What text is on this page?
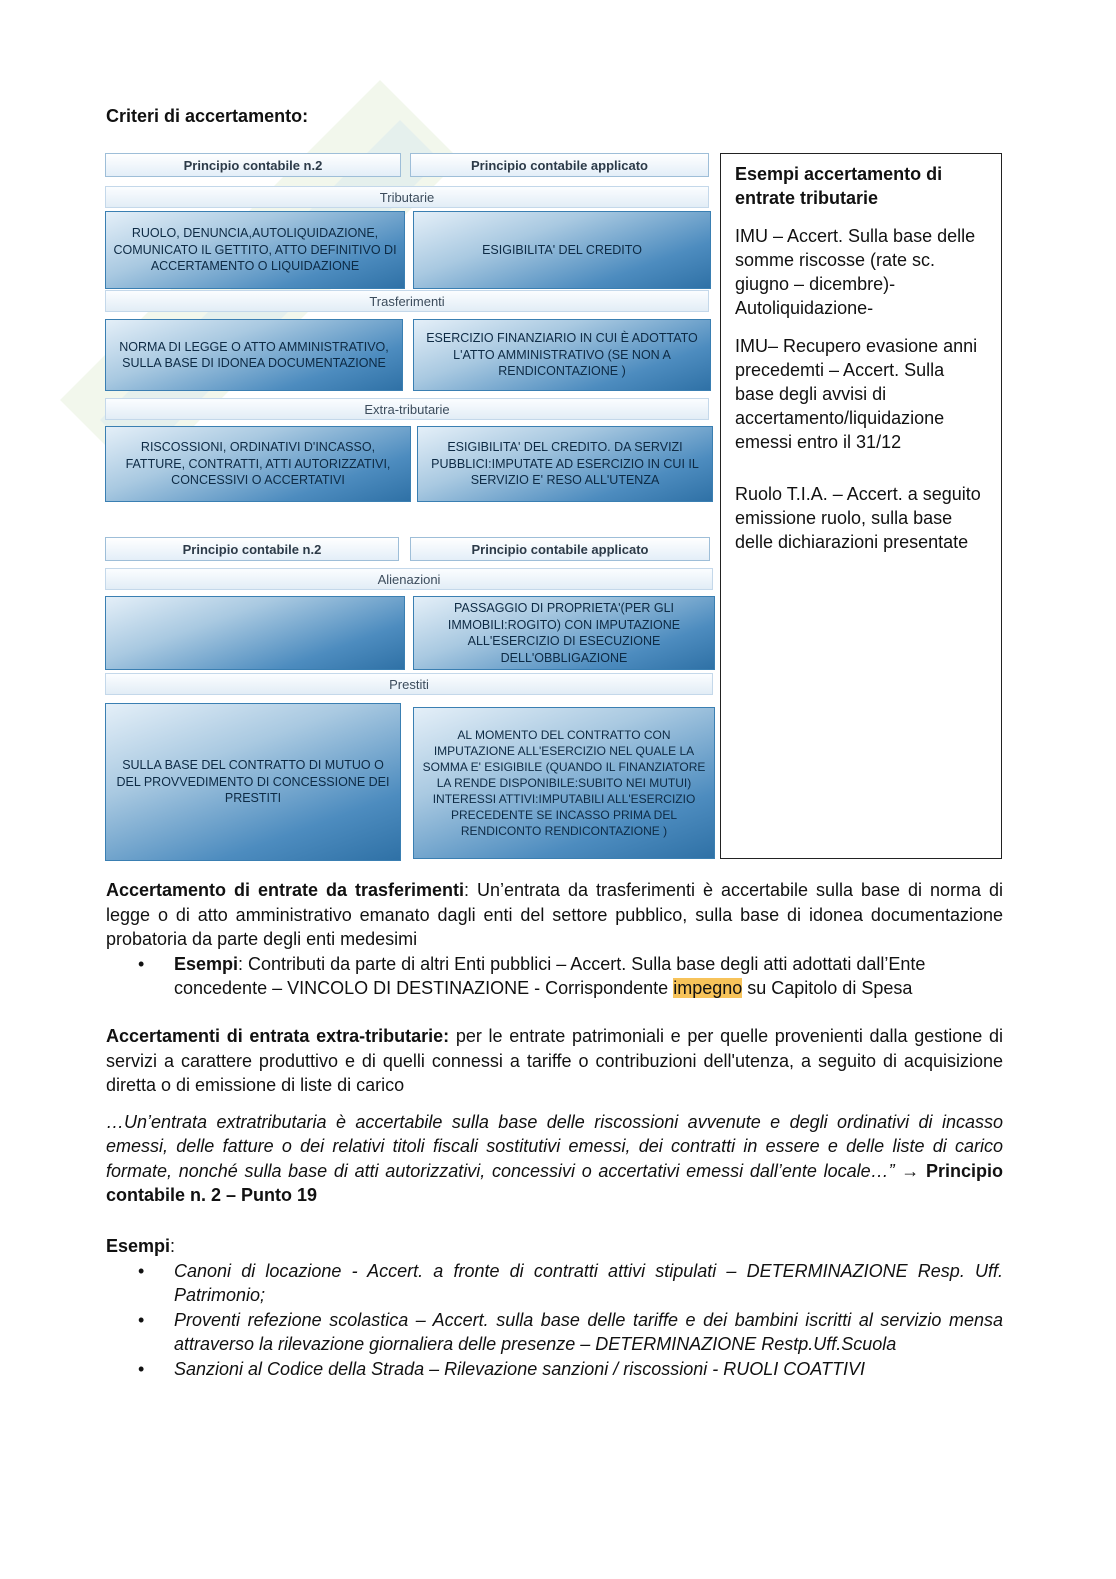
Criteri di accertamento:
Principio contabile n.2	Principio contabile applicato
Tributarie
RUOLO, DENUNCIA,AUTOLIQUIDAZIONE, COMUNICATO IL GETTITO, ATTO DEFINITIVO DI ACCERTAMENTO O LIQUIDAZIONE
ESIGIBILITA' DEL CREDITO
Trasferimenti
NORMA DI LEGGE O ATTO AMMINISTRATIVO, SULLA BASE DI IDONEA DOCUMENTAZIONE
ESERCIZIO FINANZIARIO IN CUI È ADOTTATO L'ATTO AMMINISTRATIVO (SE NON A RENDICONTAZIONE )
Extra-tributarie
RISCOSSIONI, ORDINATIVI D'INCASSO, FATTURE, CONTRATTI, ATTI AUTORIZZATIVI, CONCESSIVI O ACCERTATIVI
ESIGIBILITA' DEL CREDITO. DA SERVIZI PUBBLICI:IMPUTATE AD ESERCIZIO IN CUI IL SERVIZIO E' RESO ALL'UTENZA
Principio contabile n.2	Principio contabile applicato
Alienazioni
PASSAGGIO DI PROPRIETA'(PER GLI IMMOBILI:ROGITO) CON IMPUTAZIONE ALL'ESERCIZIO DI ESECUZIONE DELL'OBBLIGAZIONE
Prestiti
SULLA BASE DEL CONTRATTO DI MUTUO O DEL PROVVEDIMENTO DI CONCESSIONE DEI PRESTITI
AL MOMENTO DEL CONTRATTO CON IMPUTAZIONE ALL'ESERCIZIO NEL QUALE LA SOMMA E' ESIGIBILE (QUANDO IL FINANZIATORE LA RENDE DISPONIBILE:SUBITO NEI MUTUI) INTERESSI ATTIVI:IMPUTABILI ALL'ESERCIZIO PRECEDENTE SE INCASSO PRIMA DEL RENDICONTO RENDICONTAZIONE )
Esempi accertamento di entrate tributarie

IMU – Accert. Sulla base delle somme riscosse (rate sc. giugno – dicembre)- Autoliquidazione-

IMU– Recupero evasione anni precedemti – Accert. Sulla base degli avvisi di accertamento/liquidazione emessi entro il 31/12

Ruolo T.I.A. – Accert. a seguito emissione ruolo, sulla base delle dichiarazioni presentate

Accertamento di entrate da trasferimenti: Un’entrata da trasferimenti è accertabile sulla base di norma di legge o di atto amministrativo emanato dagli enti del settore pubblico, sulla base di idonea documentazione probatoria da parte degli enti medesimi

• Esempi: Contributi da parte di altri Enti pubblici – Accert. Sulla base degli atti adottati dall’Ente concedente – VINCOLO DI DESTINAZIONE - Corrispondente impegno su Capitolo di Spesa

Accertamenti di entrata extra-tributarie: per le entrate patrimoniali e per quelle provenienti dalla gestione di servizi a carattere produttivo e di quelli connessi a tariffe o contribuzioni dell'utenza, a seguito di acquisizione diretta o di emissione di liste di carico

…Un’entrata extratributaria è accertabile sulla base delle riscossioni avvenute e degli ordinativi di incasso emessi, delle fatture o dei relativi titoli fiscali sostitutivi emessi, dei contratti in essere e delle liste di carico formate, nonché sulla base di atti autorizzativi, concessivi o accertativi emessi dall’ente locale…” → Principio contabile n. 2 – Punto 19

Esempi:

• Canoni di locazione - Accert. a fronte di contratti attivi stipulati – DETERMINAZIONE Resp. Uff. Patrimonio;

• Proventi refezione scolastica – Accert. sulla base delle tariffe e dei bambini iscritti al servizio mensa attraverso la rilevazione giornaliera delle presenze – DETERMINAZIONE Restp.Uff.Scuola

• Sanzioni al Codice della Strada – Rilevazione sanzioni / riscossioni - RUOLI COATTIVI
